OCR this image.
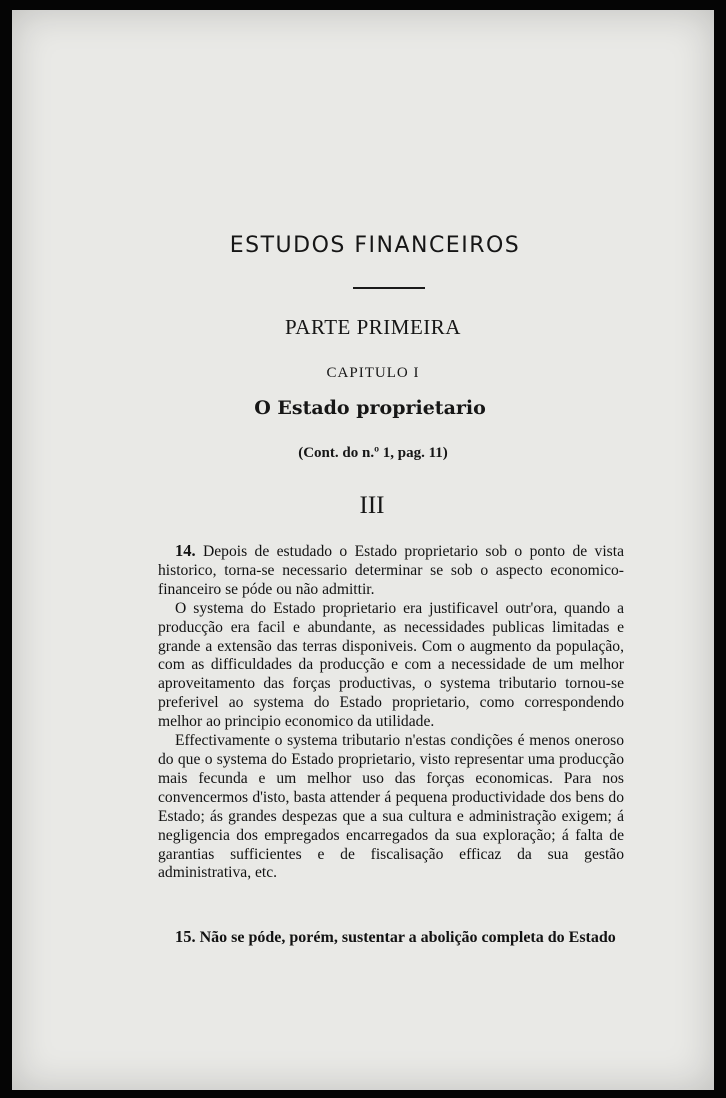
ESTUDOS FINANCEIROS
PARTE PRIMEIRA
CAPITULO I
O Estado proprietario
(Cont. do n.º 1, pag. 11)
III

14. Depois de estudado o Estado proprietario sob o ponto de vista historico, torna-se necessario determinar se sob o aspecto economico-financeiro se póde ou não admittir.

O systema do Estado proprietario era justificavel outr'ora, quando a producção era facil e abundante, as necessidades publicas limitadas e grande a extensão das terras disponiveis. Com o augmento da população, com as difficuldades da producção e com a necessidade de um melhor aproveitamento das forças productivas, o systema tributario tornou-se preferivel ao systema do Estado proprietario, como correspondendo melhor ao principio economico da utilidade.

Effectivamente o systema tributario n'estas condições é menos oneroso do que o systema do Estado proprietario, visto representar uma producção mais fecunda e um melhor uso das forças economicas. Para nos convencermos d'isto, basta attender á pequena productividade dos bens do Estado; ás grandes despezas que a sua cultura e administração exigem; á negligencia dos empregados encarregados da sua exploração; á falta de garantias sufficientes e de fiscalisação efficaz da sua gestão administrativa, etc.

15. Não se póde, porém, sustentar a abolição completa do Estado
